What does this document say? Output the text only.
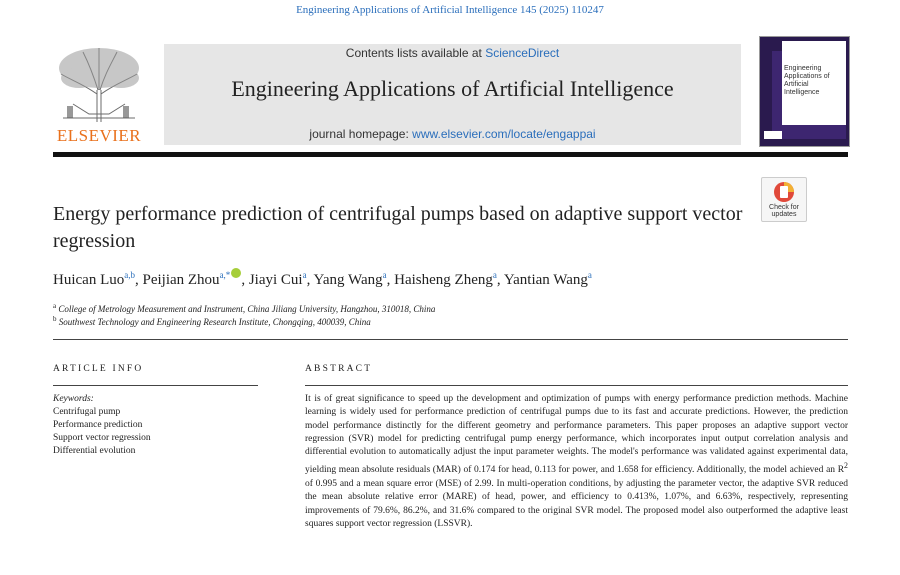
Engineering Applications of Artificial Intelligence 145 (2025) 110247
ELSEVIER
Contents lists available at ScienceDirect
Engineering Applications of Artificial Intelligence
journal homepage: www.elsevier.com/locate/engappai
Engineering Applications of Artificial Intelligence
Check for updates
Energy performance prediction of centrifugal pumps based on adaptive support vector regression
Huican Luo$^{a,b}$, Peijian Zhou$^{a,*}$ , Jiayi Cui$^a$, Yang Wang$^a$, Haisheng Zheng$^a$, Yantian Wang$^a$
$^a$ College of Metrology Measurement and Instrument, China Jiliang University, Hangzhou, 310018, China
$^b$ Southwest Technology and Engineering Research Institute, Chongqing, 400039, China
ARTICLE INFO
Keywords:
Centrifugal pump
Performance prediction
Support vector regression
Differential evolution
ABSTRACT
It is of great significance to speed up the development and optimization of pumps with energy performance prediction methods. Machine learning is widely used for performance prediction of centrifugal pumps due to its fast and accurate predictions. However, the prediction model performance distinctly for the different geometry and performance parameters. This paper proposes an adaptive support vector regression (SVR) model for predicting centrifugal pump energy performance, which incorporates input output correlation analysis and differential evolution to automatically adjust the input parameter weights. The model's performance was validated against experimental data, yielding mean absolute residuals (MAR) of 0.174 for head, 0.113 for power, and 1.658 for efficiency. Additionally, the model achieved an $R^2$ of 0.995 and a mean square error (MSE) of 2.99. In multi-operation conditions, by adjusting the parameter vector, the adaptive SVR reduced the mean absolute relative error (MARE) of head, power, and efficiency to 0.413%, 1.07%, and 6.63%, respectively, representing improvements of 79.6%, 86.2%, and 31.6% compared to the original SVR model. The proposed model also outperformed the adaptive least squares support vector regression (LSSVR).
